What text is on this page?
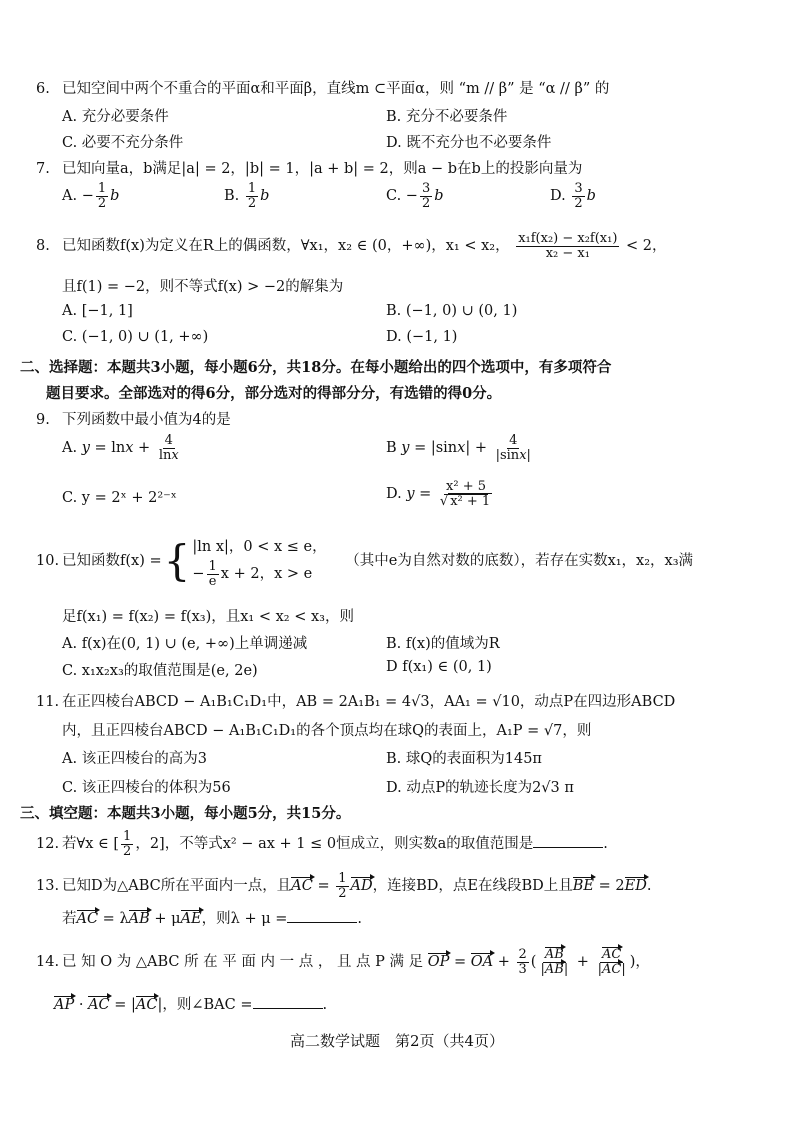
6. 已知空间中两个不重合的平面α和平面β，直线m ⊂平面α，则 “m // β” 是 “α // β” 的
A. 充分必要条件	B. 充分不必要条件
C. 必要不充分条件	D. 既不充分也不必要条件
7. 已知向量a，b满足|a| = 2，|b| = 1，|a + b| = 2，则a − b在b上的投影向量为
A. − $\frac{1}{2}$ b	B. $\frac{1}{2}$ b	C. − $\frac{3}{2}$ b	D. $\frac{3}{2}$ b
8. 已知函数f(x)为定义在R上的偶函数，∀x₁，x₂ ∈ (0，+∞)，x₁ < x₂， $\frac{\text{x₁f(x₂) − x₂f(x₁)}}{\text{x₂ − x₁}} < 2$，
且f(1) = −2，则不等式f(x) > −2的解集为
A. [−1, 1]	B. (−1, 0) ∪ (0, 1)
C. (−1, 0) ∪ (1, +∞)	D. (−1, 1)
二、选择题：本题共3小题，每小题6分，共18分。在每小题给出的四个选项中，有多项符合
题目要求。全部选对的得6分，部分选对的得部分分，有选错的得0分。
9. 下列函数中最小值为4的是
A. $y = \ln x + \frac{4}{\ln x}$	B $y = |\sin x| + \frac{4}{|\sin x|}$
C. y = 2ˣ + 2²⁻ˣ	D. $y = \frac{\text{x² + 5}}{\text{√ x² + 1}}$
10. 已知函数f(x) ={ |ln x|，0 < x ≤ e，
− $\frac{1}{e}$ x + 2，x > e （其中e为自然对数的底数），若存在实数x₁，x₂，x₃满
足f(x₁) = f(x₂) = f(x₃)，且x₁ < x₂ < x₃，则
A. f(x)在(0, 1) ∪ (e, +∞)上单调递减	B. f(x)的值域为R
C. x₁x₂x₃的取值范围是(e, 2e)	D f(x₁) ∈ (0, 1)
11. 在正四棱台ABCD − A₁B₁C₁D₁中，AB = 2A₁B₁ = 4√3，AA₁ = √10，动点P在四边形ABCD
内，且正四棱台ABCD − A₁B₁C₁D₁的各个顶点均在球Q的表面上，A₁P = √7，则
A. 该正四棱台的高为3	B. 球Q的表面积为145π
C. 该正四棱台的体积为56	D. 动点P的轨迹长度为2√3 π
三、填空题：本题共3小题，每小题5分，共15分。
12. 若∀x ∈ [ $\frac{1}{2}$ ，2]，不等式x² − ax + 1 ≤ 0恒成立，则实数a的取值范围是	.
13. 已知D为△ABC所在平面内一点，且AC = $\frac{1}{2}$ AD，连接BD，点E在线段BD上且BE = 2ED.
若AC = λAB + μAE，则λ + μ =	.
14. 已 知 O 为 △ABC 所 在 平 面 内 一 点 ， 且 点 P 满 足 OP = OA + $\frac{2}{3}$ ( $\frac{AB}{|AB|} + \frac{AC}{|AC|}$ )，
AP · AC = |AC|，则∠BAC =	.
高二数学试题　第2页（共4页）
